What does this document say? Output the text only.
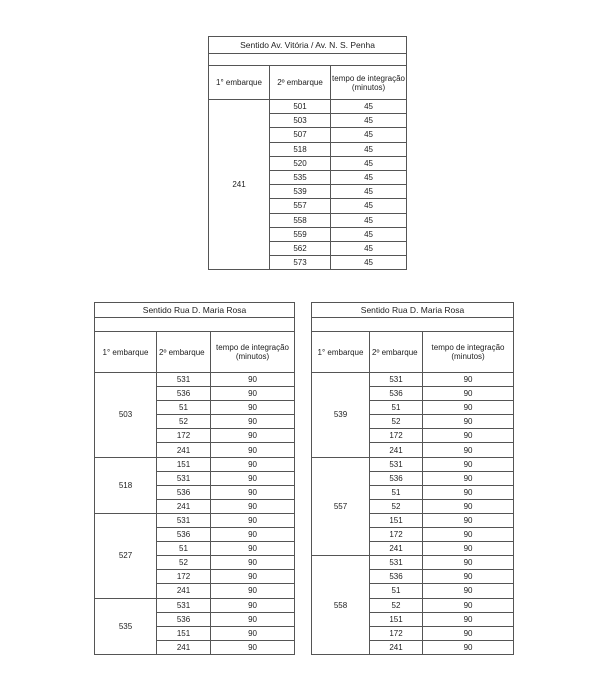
Sentido Av. Vitória / Av. N. S. Penha		

1° embarque	2º embarque	tempo de integração (minutos)
241	501	45
	503	45
	507	45
	518	45
	520	45
	535	45
	539	45
	557	45
	558	45
	559	45
	562	45
	573	45
Sentido Rua D. Maria Rosa		

1° embarque	2º embarque	tempo de integração (minutos)
503	531	90
	536	90
	51	90
	52	90
	172	90
	241	90
518	151	90
	531	90
	536	90
	241	90
527	531	90
	536	90
	51	90
	52	90
	172	90
	241	90
535	531	90
	536	90
	151	90
	241	90
Sentido Rua D. Maria Rosa		

1° embarque	2º embarque	tempo de integração (minutos)
539	531	90
	536	90
	51	90
	52	90
	172	90
	241	90
557	531	90
	536	90
	51	90
	52	90
	151	90
	172	90
	241	90
558	531	90
	536	90
	51	90
	52	90
	151	90
	172	90
	241	90
